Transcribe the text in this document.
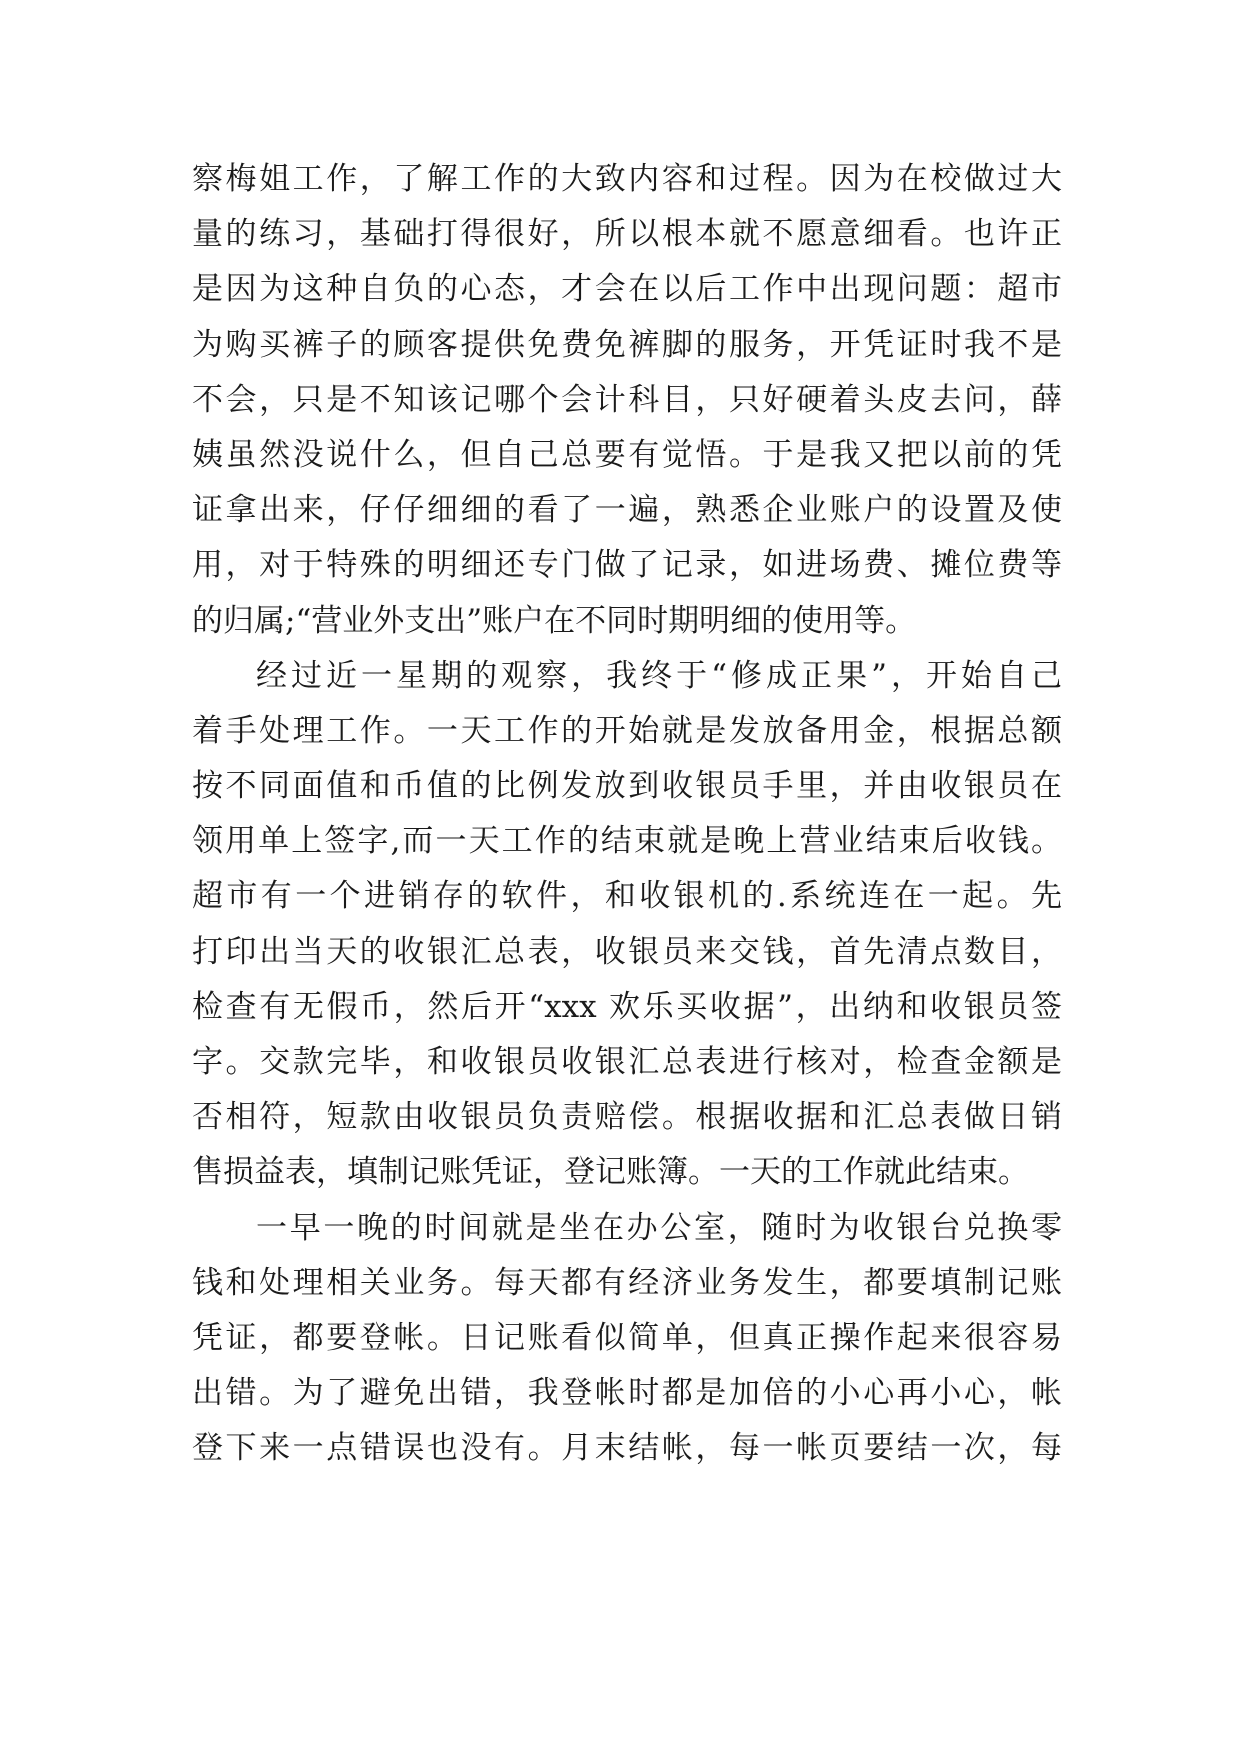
察梅姐工作，了解工作的大致内容和过程。因为在校做过大
量的练习，基础打得很好，所以根本就不愿意细看。也许正
是因为这种自负的心态，才会在以后工作中出现问题：超市
为购买裤子的顾客提供免费免裤脚的服务，开凭证时我不是
不会，只是不知该记哪个会计科目，只好硬着头皮去问，薛
姨虽然没说什么，但自己总要有觉悟。于是我又把以前的凭
证拿出来，仔仔细细的看了一遍，熟悉企业账户的设置及使
用，对于特殊的明细还专门做了记录，如进场费、摊位费等
的归属;“营业外支出”账户在不同时期明细的使用等。
经过近一星期的观察，我终于“修成正果”，开始自己
着手处理工作。一天工作的开始就是发放备用金，根据总额
按不同面值和币值的比例发放到收银员手里，并由收银员在
领用单上签字,而一天工作的结束就是晚上营业结束后收钱。
超市有一个进销存的软件，和收银机的.系统连在一起。先
打印出当天的收银汇总表，收银员来交钱，首先清点数目，
检查有无假币，然后开“xxx 欢乐买收据”，出纳和收银员签
字。交款完毕，和收银员收银汇总表进行核对，检查金额是
否相符，短款由收银员负责赔偿。根据收据和汇总表做日销
售损益表，填制记账凭证，登记账簿。一天的工作就此结束。
一早一晚的时间就是坐在办公室，随时为收银台兑换零
钱和处理相关业务。每天都有经济业务发生，都要填制记账
凭证，都要登帐。日记账看似简单，但真正操作起来很容易
出错。为了避免出错，我登帐时都是加倍的小心再小心，帐
登下来一点错误也没有。月末结帐，每一帐页要结一次，每
